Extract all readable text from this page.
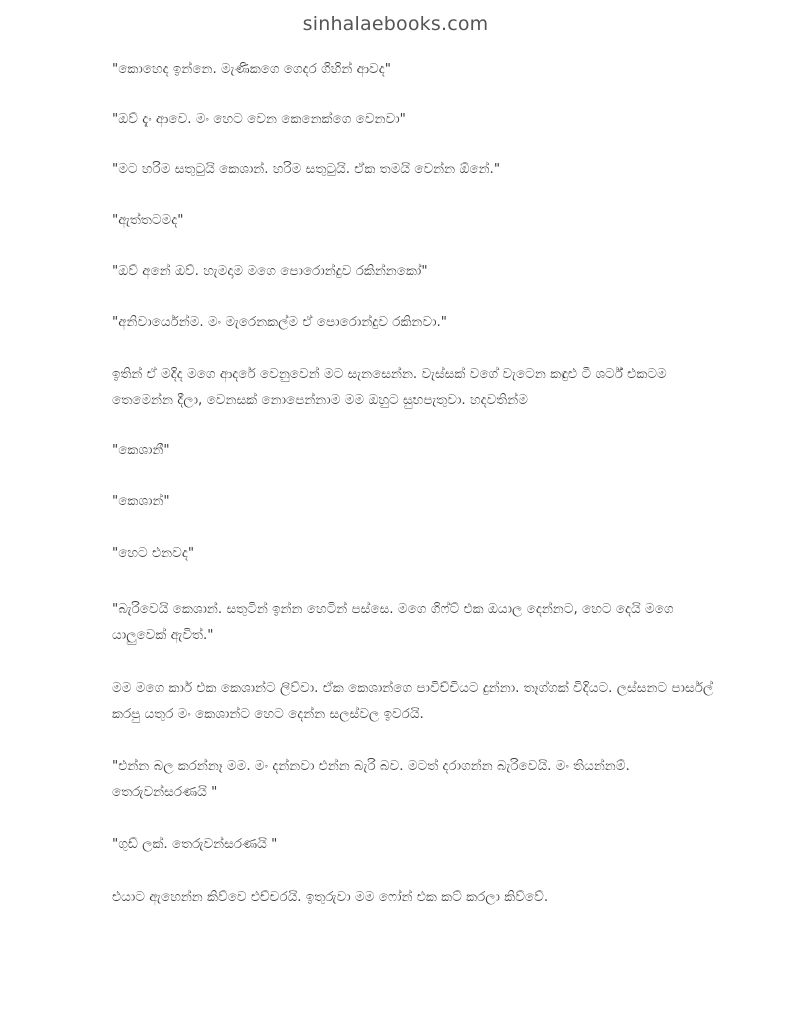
sinhalaebooks.com

"කොහෙද ඉන්නෙ. මැණිකගෙ ගෙදර ගිහින් ආවද"

"ඔව් දැං ආවෙ. මං හෙට වෙන කෙනෙක්ගෙ වෙනවා"

"මට හරිම සතුටුයි කෙශාන්. හරිම සතුටුයි. ඒක තමයි වෙන්න ඕනේ."

"ඇත්තටමද"

"ඔව් අනේ ඔව්. හැමදාම මගෙ පොරොන්දුව රකින්නකෝ"

"අනිවාර්යෙන්ම. මං මැරෙනකල්ම ඒ පොරොන්දුව රකිනවා."

ඉතින් ඒ මදිද මගෙ ආදරේ වෙනුවෙන් මට සැනසෙන්න. වැස්සක් වගේ වැටෙන කඳුළු ටී ශර්ට් එකටම තෙමෙන්න දීලා, වෙනසක් නොපෙන්නාම මම ඔහුට සුභපැතුවා. හදවතින්ම

"කෙශානී"

"කෙශාන්"

"හෙට එනවද"

"බැරිවෙයි කෙශාන්. සතුටින් ඉන්න හෙටින් පස්සෙ. මගෙ ගිෆ්ට් එක ඔයාල දෙන්නට, හෙට දෙයි මගෙ යාලුවෙක් ඇවිත්."

මම මගෙ කාර් එක කෙශාන්ට ලිව්වා. ඒක කෙශාන්ගෙ පාවිච්චියට දුන්නා. තෑග්ගක් විදියට. ලස්සනට පාර්සල් කරපු යතුර මං කෙශාන්ට හෙට දෙන්න සලස්වල ඉවරයි.

"එන්න බල කරන්නෑ මම. මං දන්නවා එන්න බැරි බව. මටත් දරාගන්න බැරිවෙයි. මං තියන්නම්. තෙරුවන්සරණයි "

"ගුඩ් ලක්. තෙරුවන්සරණයි "

එයාට ඇහෙන්න කිව්වෙ එච්චරයි. ඉතුරුවා මම ෆෝන් එක කට් කරලා කිව්වේ.
